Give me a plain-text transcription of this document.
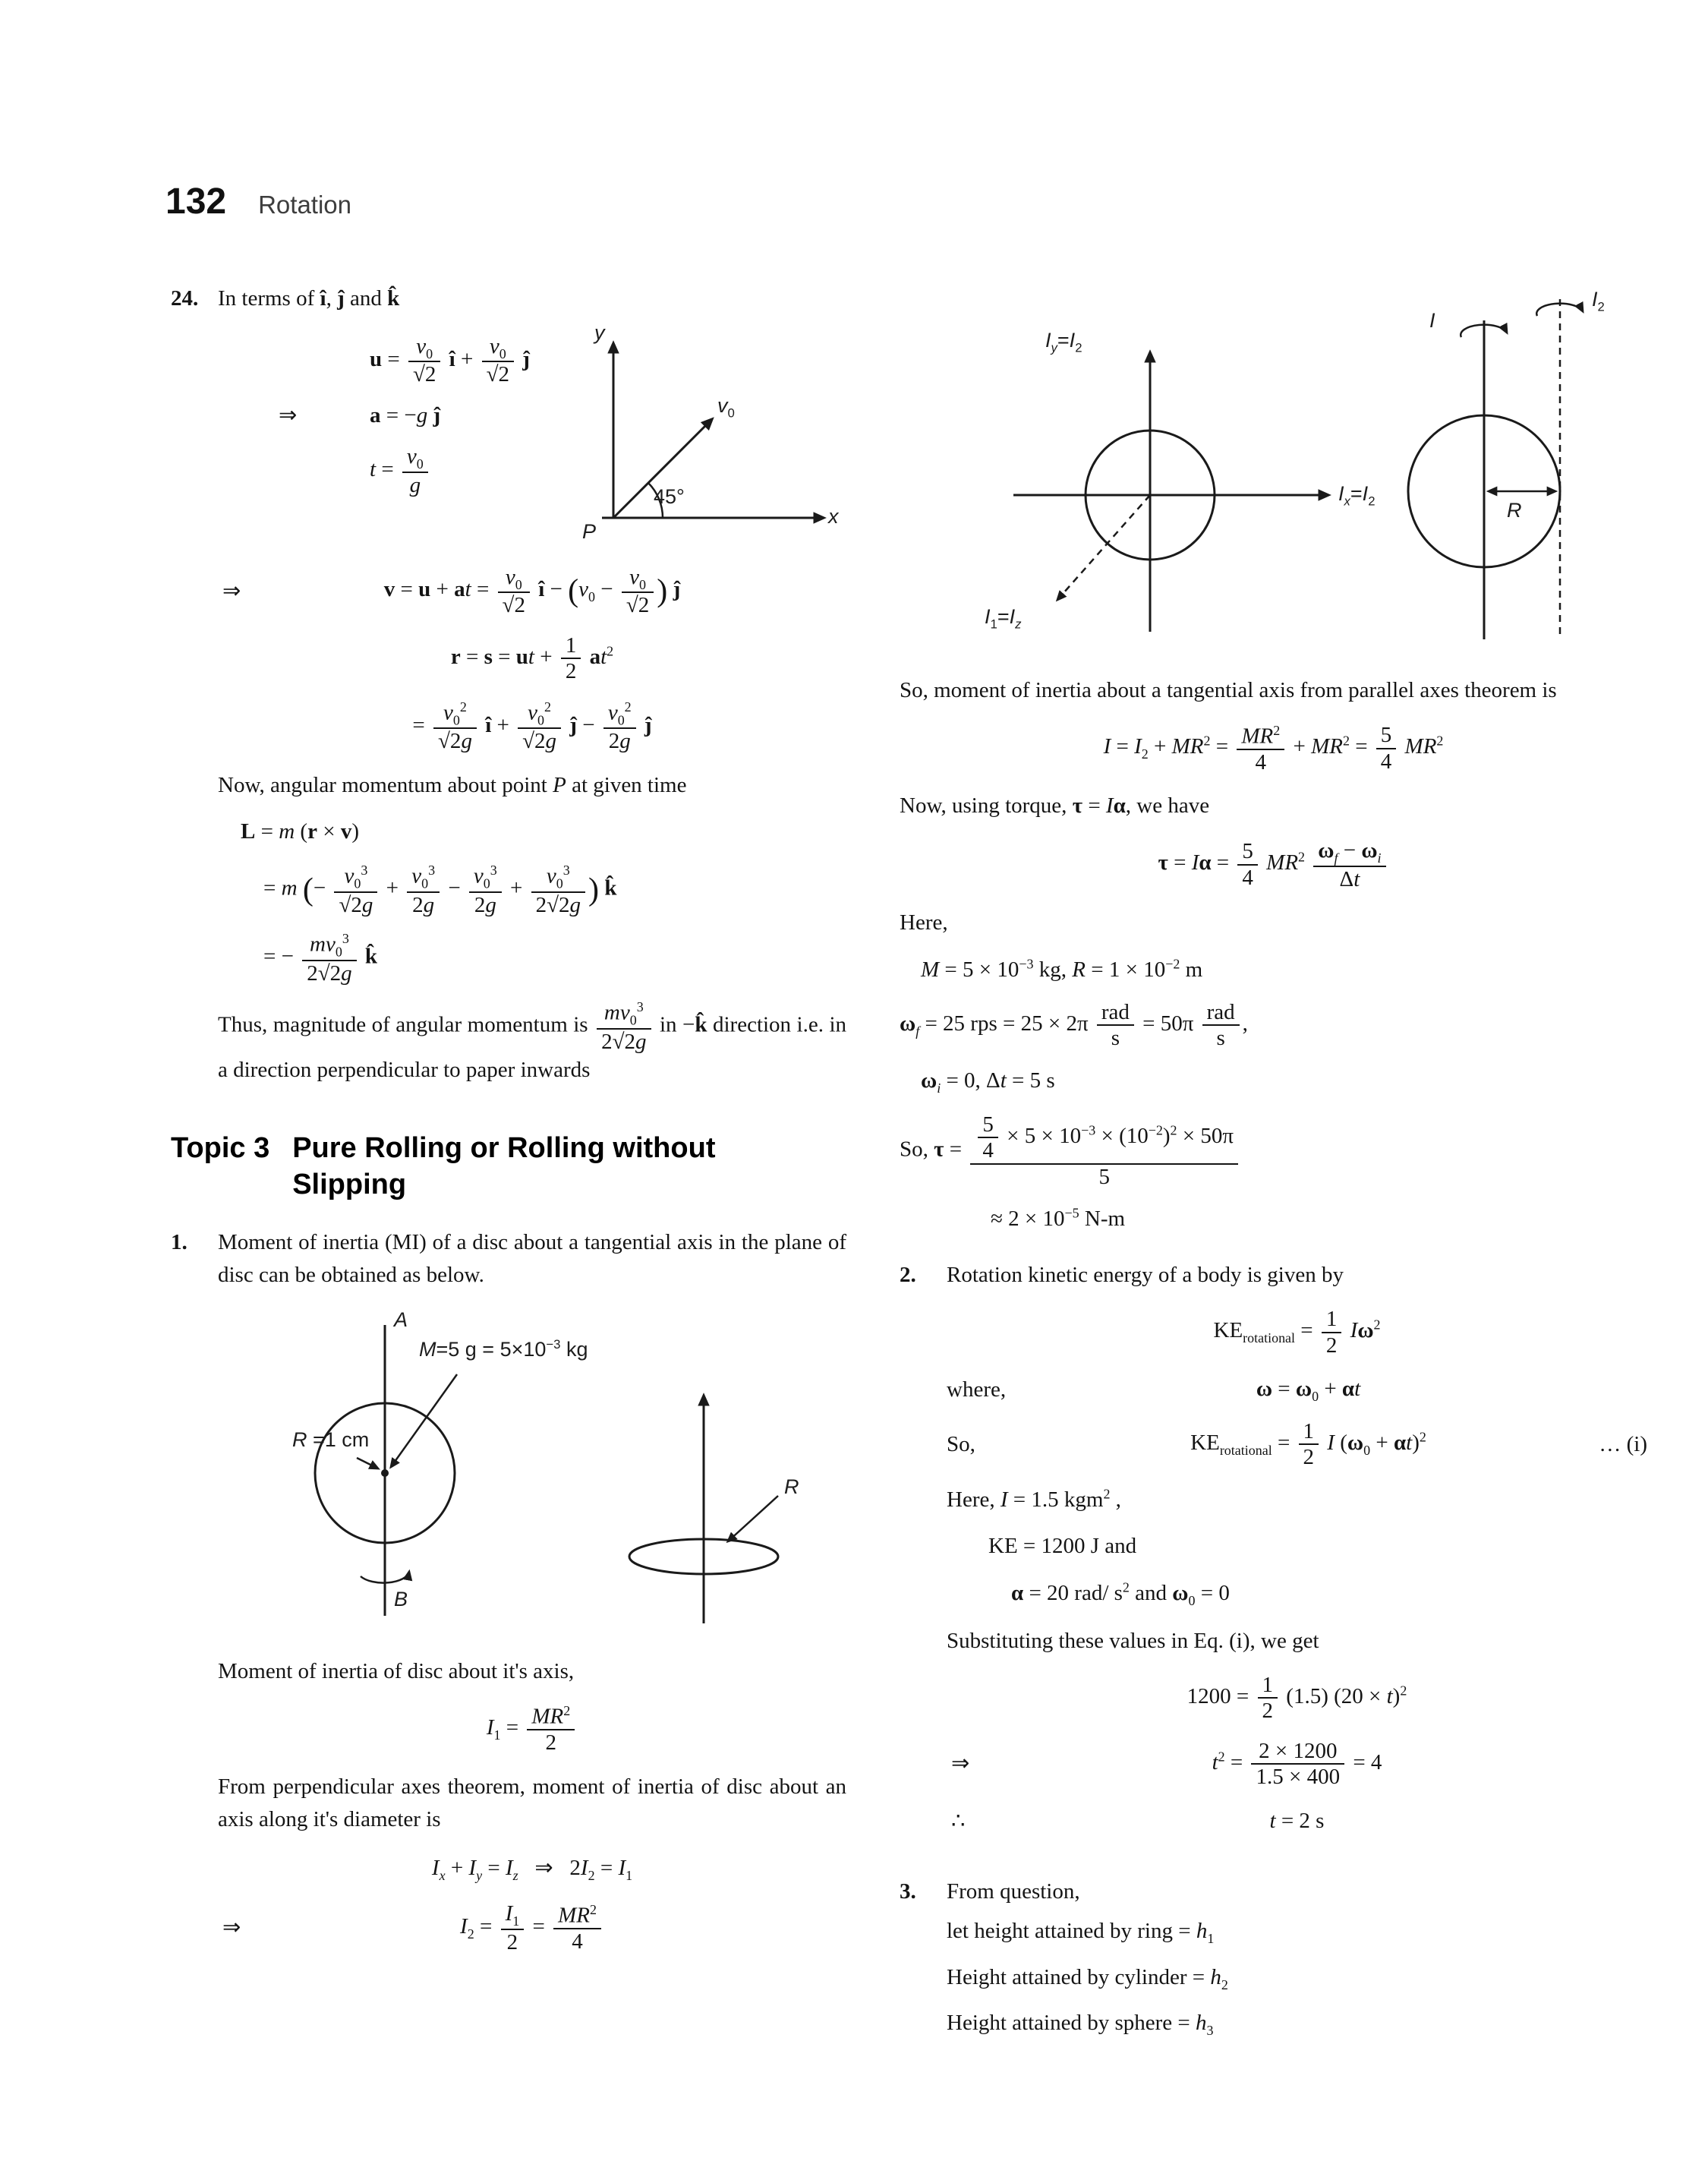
132 Rotation
24. In terms of î, ĵ and k̂

$u = \frac{v_0}{√2}$ î + $\frac{v_0}{√2}$ ĵ
⇒	a = −g ĵ
$t = \frac{v_0}{g}$
y
x
P
$v_0$
45°
⇒	v = u + at = $\frac{v_0}{√2}$ î − ($v_0 - \frac{v_0}{√2}$ ) ĵ
r = s = ut + $\frac{1}{2} at^2$
= $\frac{v_0^2}{√2g}$ î + $\frac{v_0^2}{√2g}$ ĵ − $\frac{v_0^2}{2g}$ ĵ

Now, angular momentum about point P at given time

L = m (r × v)
= m (− $\frac{v_0^3}{√2g} + \frac{v_0^3}{2g} - \frac{v_0^3}{2g} + \frac{v_0^3}{2√2g}$ ) k̂
= − $\frac{mv_0^3}{2√2g}$ k̂

Thus, magnitude of angular momentum is $\frac{mv_0^3}{2√2g}$ in −k̂ direction i.e. in a direction perpendicular to paper inwards

Topic 3 Pure Rolling or Rolling without Slipping
1.	Moment of inertia (MI) of a disc about a tangential axis in the plane of disc can be obtained as below.

A
B
M=5 $g = 5\times 10^{-3}$ kg
R =1 cm
R

Moment of inertia of disc about it's axis,

$I_1 = \frac{MR^2}{2}$

From perpendicular axes theorem, moment of inertia of disc about an axis along it's diameter is

$I_x + I_y = I_z$   ⇒   $2I_2 = I_1$
⇒	$I_2 = \frac{I_1}{2} = \frac{MR^2}{4}$
$I_y=I_2$
$I_x=I_2$
$I_1=I_z$
I
$I_2$
R

So, moment of inertia about a tangential axis from parallel axes theorem is

$I = I_2 + MR^2 = \frac{MR^2}{4} + MR^2 = \frac{5}{4} MR^2$

Now, using torque, τ = Iα, we have

$\tau = I\alpha = \frac{5}{4} MR^2 \frac{\omega_f - \omega_i}{\Delta t}$

Here,

$M = 5 \times 10^{-3}$ kg, $R = 1 \times 10^{-2}$ m
$\omega_f = 25$ rps = 25 × 2π rad
s
= 50π rad
s
,
$\omega_i = 0$, Δt = 5 s
So, $\tau = \frac{\frac{5}{4} \times 5 \times 10^{-3} \times (10^{-2})^2 \times 50\pi}{5}$
≈ $2 \times 10^{-5}$ N-m
2.	Rotation kinetic energy of a body is given by

$KE_{rotational} = \frac{1}{2} I\omega^2$
where,	$\omega = \omega_0 + \alpha t$
So,	$KE_{rotational} = \frac{1}{2}$ I $(\omega_0 + \alpha t)^2$	… (i)
Here, I = 1.5 kgm$^2$ ,
KE = 1200 J and
α = 20 rad/ $s^2$ and $\omega_0 = 0$

Substituting these values in Eq. (i), we get

$1200 = \frac{1}{2} (1.5) (20 \times t)^2$
⇒	$t^2 = \frac{2 \times 1200}{1.5 \times 400} = 4$
∴	t = 2 s
3.	From question,

let height attained by ring = $h_1$

Height attained by cylinder = $h_2$

Height attained by sphere = $h_3$
